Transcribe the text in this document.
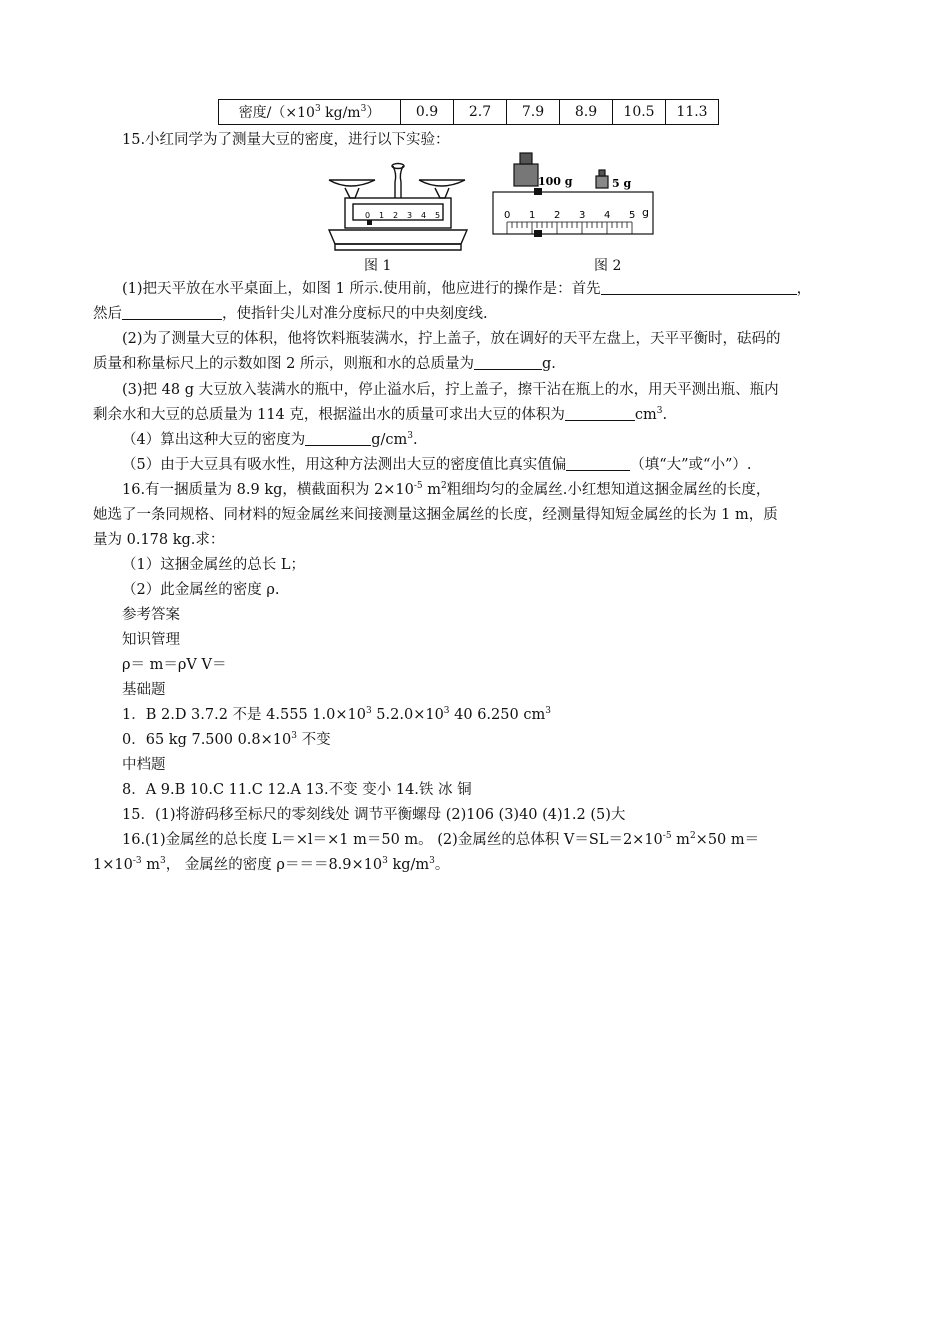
密度$/(\times 10^3$ $kg/m^3$）	0.9	2.7	7.9	8.9	10.5	11.3
15.小红同学为了测量大豆的密度，进行以下实验：
0 1 2 3 4 5
图 1
100 g	5 g
0 1 2 3 4 5 g
图 2
(1)把天平放在水平桌面上，如图 1 所示.使用前，他应进行的操作是：首先	，
然后	，使指针尖儿对准分度标尺的中央刻度线.
(2)为了测量大豆的体积，他将饮料瓶装满水，拧上盖子，放在调好的天平左盘上，天平平衡时，砝码的
质量和称量标尺上的示数如图 2 所示，则瓶和水的总质量为	g.
(3)把 48 g 大豆放入装满水的瓶中，停止溢水后，拧上盖子，擦干沾在瓶上的水，用天平测出瓶、瓶内
剩余水和大豆的总质量为 114 克，根据溢出水的质量可求出大豆的体积为	$cm^3$.
（4）算出这种大豆的密度为	$g/cm^3$.
（5）由于大豆具有吸水性，用这种方法测出大豆的密度值比真实值偏	（填“大”或“小”）.
16.有一捆质量为 8.9 kg，横截面积为 $2\times 10^{-5}$ $m^2$粗细均匀的金属丝.小红想知道这捆金属丝的长度，
她选了一条同规格、同材料的短金属丝来间接测量这捆金属丝的长度，经测量得知短金属丝的长为 1 m，质
量为 0.178 kg.求：
（1）这捆金属丝的总长 L；
（2）此金属丝的密度 ρ.
参考答案
知识管理
ρ＝ m＝ρV V＝
基础题
1．B 2.D 3.7.2 不是 4.555 $1.0\times 10^3$ $5.2.0\times 10^3$ 40 6.250 $cm^3$
0．65 kg 7.500 $0.8\times 10^3$ 不变
中档题
8．A 9.B 10.C 11.C 12.A 13.不变 变小 14.铁 冰 铜
15．(1)将游码移至标尺的零刻线处 调节平衡螺母 (2)106 (3)40 (4)1.2 (5)大
16.(1)金属丝的总长度 L＝×l＝×1 m＝50 m。 (2)金属丝的总体积 $V=SL=2\times 10^{-5}$ $m^2\times 50$ m＝
$1\times 10^{-3}$ $m^3$， 金属丝的密度 $\rho===8.9\times 10^3$ $kg/m^3$。
